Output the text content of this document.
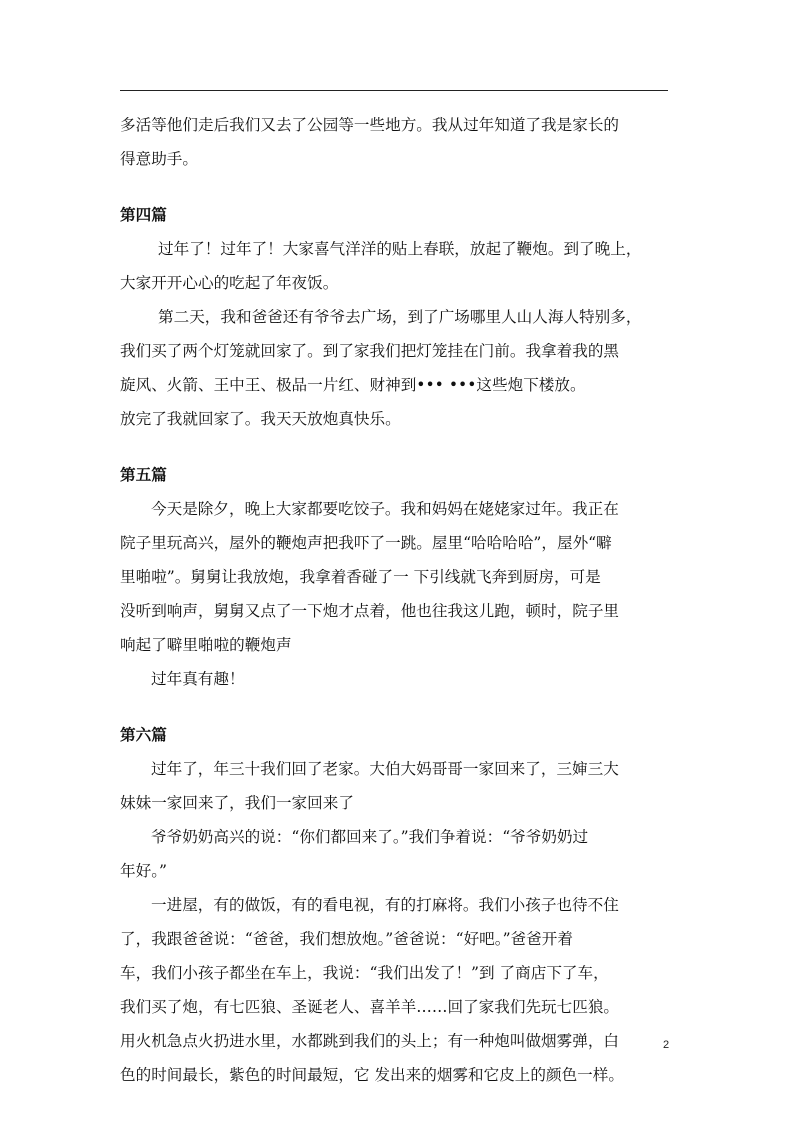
多活等他们走后我们又去了公园等一些地方。我从过年知道了我是家长的

得意助手。

第四篇

过年了！过年了！大家喜气洋洋的贴上春联，放起了鞭炮。到了晚上，

大家开开心心的吃起了年夜饭。

第二天，我和爸爸还有爷爷去广场，到了广场哪里人山人海人特别多，

我们买了两个灯笼就回家了。到了家我们把灯笼挂在门前。我拿着我的黑

旋风、火箭、王中王、极品一片红、财神到••• •••这些炮下楼放。

放完了我就回家了。我天天放炮真快乐。

第五篇

今天是除夕，晚上大家都要吃饺子。我和妈妈在姥姥家过年。我正在

院子里玩高兴，屋外的鞭炮声把我吓了一跳。屋里“哈哈哈哈”，屋外“噼

里啪啦”。舅舅让我放炮，我拿着香碰了一 下引线就飞奔到厨房，可是

没听到响声，舅舅又点了一下炮才点着，他也往我这儿跑，顿时，院子里

响起了噼里啪啦的鞭炮声

过年真有趣！

第六篇

过年了，年三十我们回了老家。大伯大妈哥哥一家回来了，三婶三大

妹妹一家回来了，我们一家回来了

爷爷奶奶高兴的说：“你们都回来了。”我们争着说：“爷爷奶奶过

年好。”

一进屋，有的做饭，有的看电视，有的打麻将。我们小孩子也待不住

了，我跟爸爸说：“爸爸，我们想放炮。”爸爸说：“好吧。”爸爸开着

车，我们小孩子都坐在车上，我说：“我们出发了！”到 了商店下了车，

我们买了炮，有七匹狼、圣诞老人、喜羊羊……回了家我们先玩七匹狼。

用火机急点火扔进水里，水都跳到我们的头上；有一种炮叫做烟雾弹，白

色的时间最长，紫色的时间最短，它 发出来的烟雾和它皮上的颜色一样。

2
